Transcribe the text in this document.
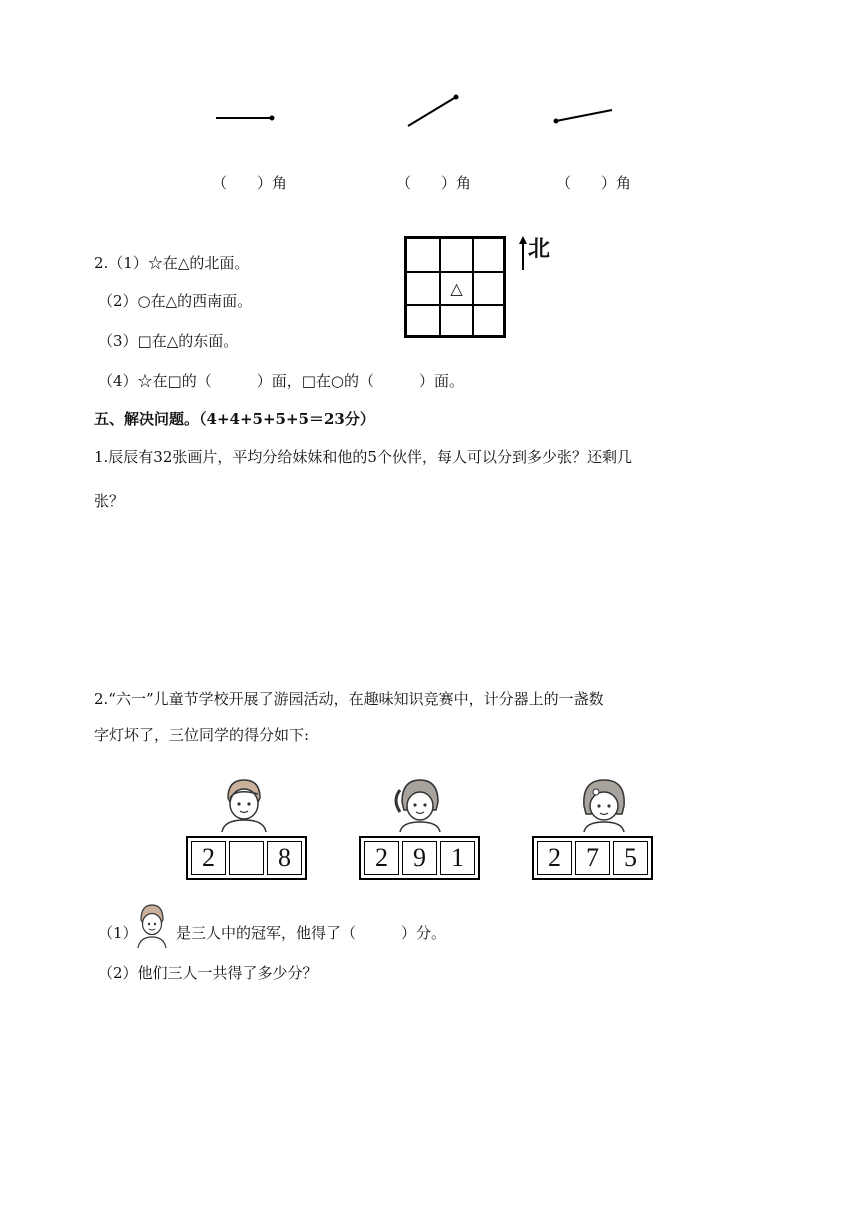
（　　）角	（　　）角	（　　）角
2.（1）☆在△的北面。
（2）○在△的西南面。
（3）□在△的东面。
（4）☆在□的（　　　）面，□在○的（　　　）面。
△
北
五、解决问题。（4+4+5+5+5＝23分）
1.辰辰有32张画片，平均分给妹妹和他的5个伙伴，每人可以分到多少张？还剩几
张？
2.“六一”儿童节学校开展了游园活动，在趣味知识竞赛中，计分器上的一盏数
字灯坏了，三位同学的得分如下:
2	8	2 9 1	2 7 5
（1）	是三人中的冠军，他得了（　　　）分。
（2）他们三人一共得了多少分？
